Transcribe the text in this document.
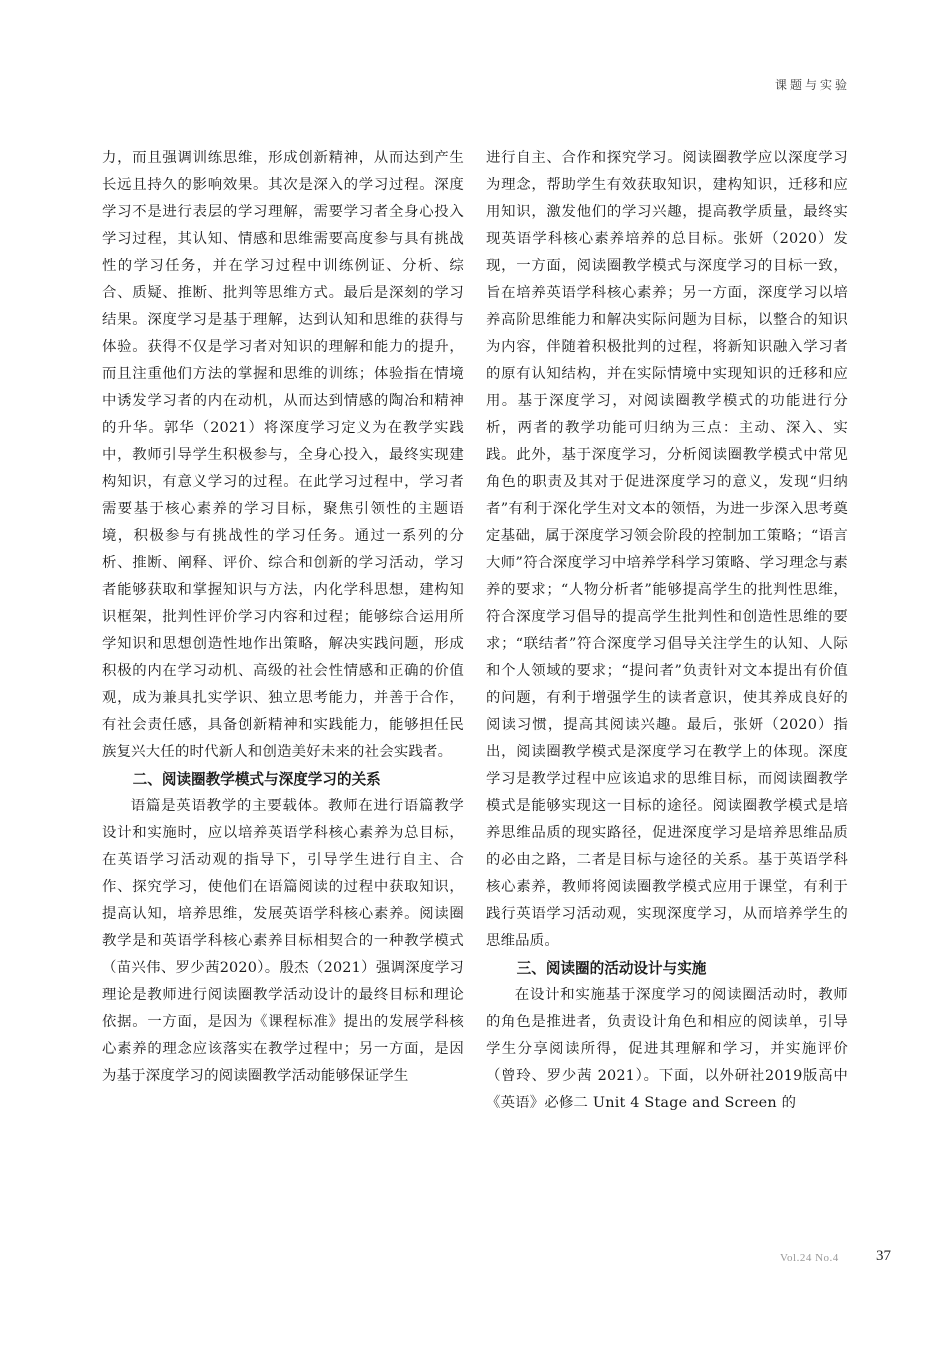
课题与实验

力，而且强调训练思维，形成创新精神，从而达到产生长远且持久的影响效果。其次是深入的学习过程。深度学习不是进行表层的学习理解，需要学习者全身心投入学习过程，其认知、情感和思维需要高度参与具有挑战性的学习任务，并在学习过程中训练例证、分析、综合、质疑、推断、批判等思维方式。最后是深刻的学习结果。深度学习是基于理解，达到认知和思维的获得与体验。获得不仅是学习者对知识的理解和能力的提升，而且注重他们方法的掌握和思维的训练；体验指在情境中诱发学习者的内在动机，从而达到情感的陶冶和精神的升华。郭华（2021）将深度学习定义为在教学实践中，教师引导学生积极参与，全身心投入，最终实现建构知识，有意义学习的过程。在此学习过程中，学习者需要基于核心素养的学习目标，聚焦引领性的主题语境，积极参与有挑战性的学习任务。通过一系列的分析、推断、阐释、评价、综合和创新的学习活动，学习者能够获取和掌握知识与方法，内化学科思想，建构知识框架，批判性评价学习内容和过程；能够综合运用所学知识和思想创造性地作出策略，解决实践问题，形成积极的内在学习动机、高级的社会性情感和正确的价值观，成为兼具扎实学识、独立思考能力，并善于合作，有社会责任感，具备创新精神和实践能力，能够担任民族复兴大任的时代新人和创造美好未来的社会实践者。

二、阅读圈教学模式与深度学习的关系

语篇是英语教学的主要载体。教师在进行语篇教学设计和实施时，应以培养英语学科核心素养为总目标，在英语学习活动观的指导下，引导学生进行自主、合作、探究学习，使他们在语篇阅读的过程中获取知识，提高认知，培养思维，发展英语学科核心素养。阅读圈教学是和英语学科核心素养目标相契合的一种教学模式（苗兴伟、罗少茜2020）。殷杰（2021）强调深度学习理论是教师进行阅读圈教学活动设计的最终目标和理论依据。一方面，是因为《课程标准》提出的发展学科核心素养的理念应该落实在教学过程中；另一方面，是因为基于深度学习的阅读圈教学活动能够保证学生

进行自主、合作和探究学习。阅读圈教学应以深度学习为理念，帮助学生有效获取知识，建构知识，迁移和应用知识，激发他们的学习兴趣，提高教学质量，最终实现英语学科核心素养培养的总目标。张妍（2020）发现，一方面，阅读圈教学模式与深度学习的目标一致，旨在培养英语学科核心素养；另一方面，深度学习以培养高阶思维能力和解决实际问题为目标，以整合的知识为内容，伴随着积极批判的过程，将新知识融入学习者的原有认知结构，并在实际情境中实现知识的迁移和应用。基于深度学习，对阅读圈教学模式的功能进行分析，两者的教学功能可归纳为三点：主动、深入、实践。此外，基于深度学习，分析阅读圈教学模式中常见角色的职责及其对于促进深度学习的意义，发现“归纳者”有利于深化学生对文本的领悟，为进一步深入思考奠定基础，属于深度学习领会阶段的控制加工策略；“语言大师”符合深度学习中培养学科学习策略、学习理念与素养的要求；“人物分析者”能够提高学生的批判性思维，符合深度学习倡导的提高学生批判性和创造性思维的要求；“联结者”符合深度学习倡导关注学生的认知、人际和个人领域的要求；“提问者”负责针对文本提出有价值的问题，有利于增强学生的读者意识，使其养成良好的阅读习惯，提高其阅读兴趣。最后，张妍（2020）指出，阅读圈教学模式是深度学习在教学上的体现。深度学习是教学过程中应该追求的思维目标，而阅读圈教学模式是能够实现这一目标的途径。阅读圈教学模式是培养思维品质的现实路径，促进深度学习是培养思维品质的必由之路，二者是目标与途径的关系。基于英语学科核心素养，教师将阅读圈教学模式应用于课堂，有利于践行英语学习活动观，实现深度学习，从而培养学生的思维品质。

三、阅读圈的活动设计与实施

在设计和实施基于深度学习的阅读圈活动时，教师的角色是推进者，负责设计角色和相应的阅读单，引导学生分享阅读所得，促进其理解和学习，并实施评价（曾玲、罗少茜 2021）。下面，以外研社2019版高中《英语》必修二 Unit 4 Stage and Screen 的

Vol.24 No.4 37
